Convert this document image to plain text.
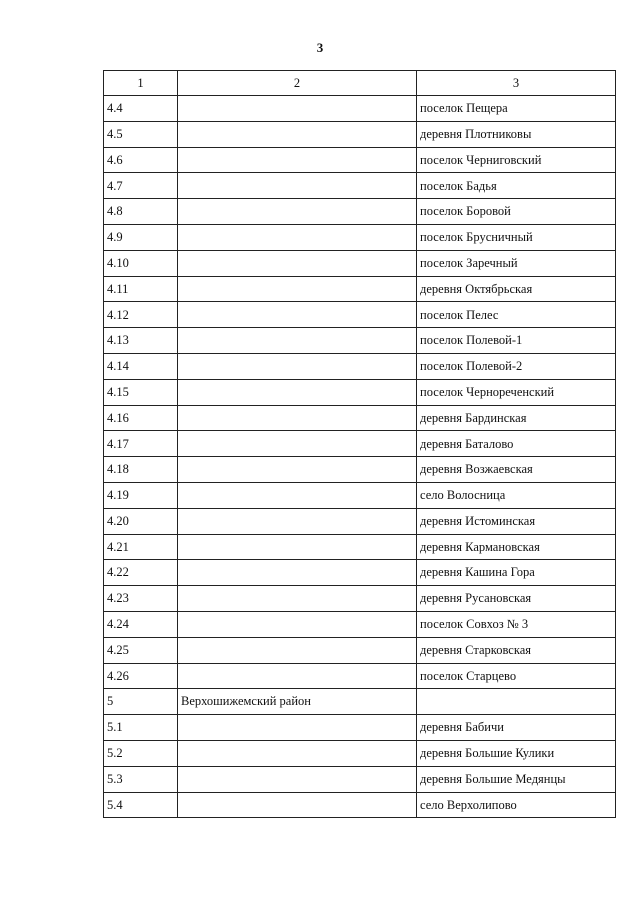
3
1	2	3
4.4		поселок Пещера
4.5		деревня Плотниковы
4.6		поселок Черниговский
4.7		поселок Бадья
4.8		поселок Боровой
4.9		поселок Брусничный
4.10		поселок Заречный
4.11		деревня Октябрьская
4.12		поселок Пелес
4.13		поселок Полевой-1
4.14		поселок Полевой-2
4.15		поселок Чернореченский
4.16		деревня Бардинская
4.17		деревня Баталово
4.18		деревня Возжаевская
4.19		село Волосница
4.20		деревня Истоминская
4.21		деревня Кармановская
4.22		деревня Кашина Гора
4.23		деревня Русановская
4.24		поселок Совхоз № 3
4.25		деревня Старковская
4.26		поселок Старцево
5	Верхошижемский район	
5.1		деревня Бабичи
5.2		деревня Большие Кулики
5.3		деревня Большие Медянцы
5.4		село Верхолипово
